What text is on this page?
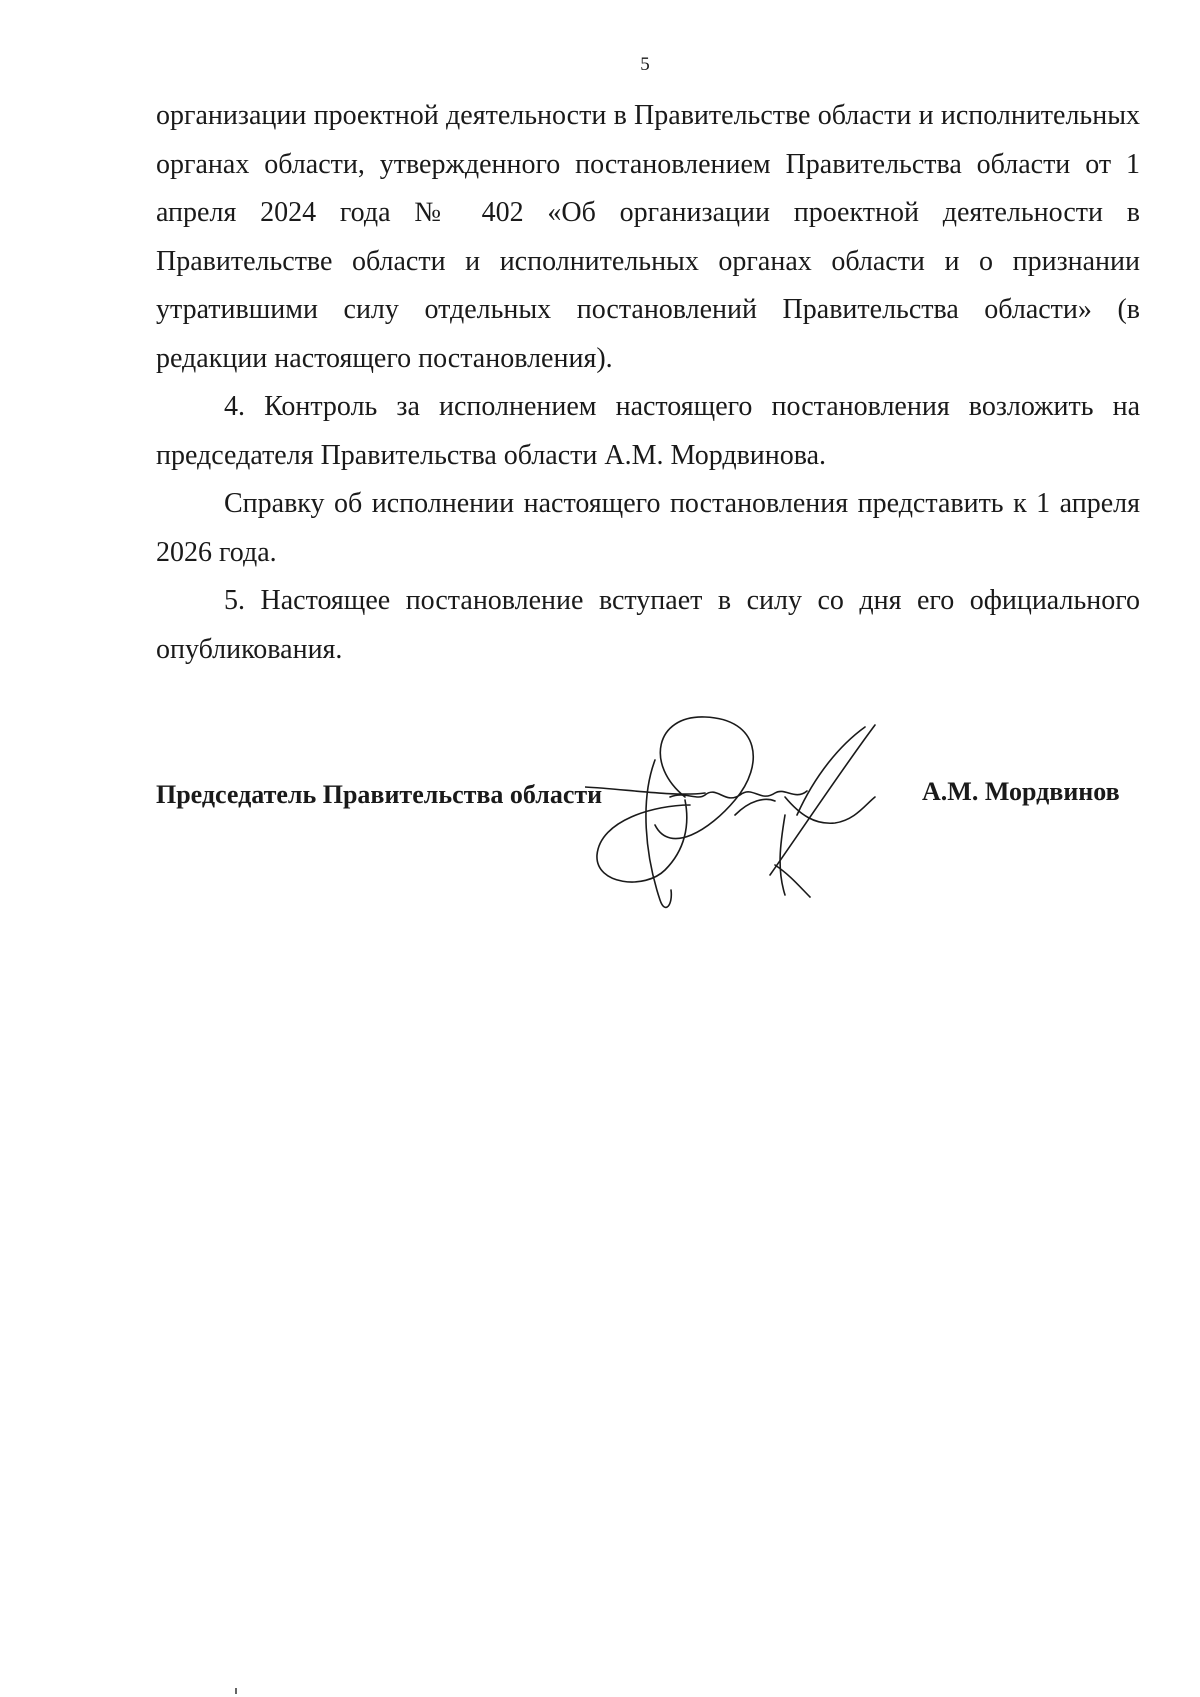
5

организации проектной деятельности в Правительстве области и исполнительных органах области, утвержденного постановлением Правительства области от 1 апреля 2024 года № 402 «Об организации проектной деятельности в Правительстве области и исполнительных органах области и о признании утратившими силу отдельных постановлений Правительства области» (в редакции настоящего постановления).

4. Контроль за исполнением настоящего постановления возложить на председателя Правительства области А.М. Мордвинова.

Справку об исполнении настоящего постановления представить к 1 апреля 2026 года.

5. Настоящее постановление вступает в силу со дня его официального опубликования.

Председатель Правительства области	А.М. Мордвинов
